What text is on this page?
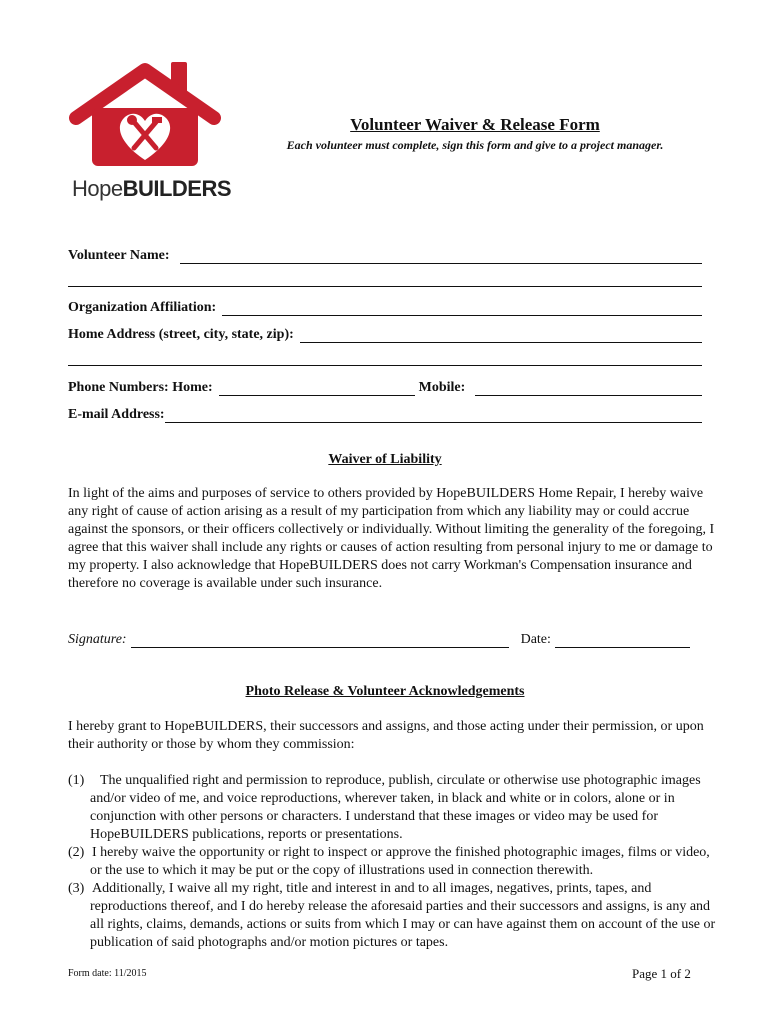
HopeBUILDERS
Volunteer Waiver & Release Form
Each volunteer must complete, sign this form and give to a project manager.
Volunteer Name:
Organization Affiliation:
Home Address (street, city, state, zip):
Phone Numbers: Home:	Mobile:
E-mail Address:
Waiver of Liability

In light of the aims and purposes of service to others provided by HopeBUILDERS Home Repair, I hereby waive any right of cause of action arising as a result of my participation from which any liability may or could accrue against the sponsors, or their officers collectively or individually. Without limiting the generality of the foregoing, I agree that this waiver shall include any rights or causes of action resulting from personal injury to me or damage to my property. I also acknowledge that HopeBUILDERS does not carry Workman's Compensation insurance and therefore no coverage is available under such insurance.

Signature:	Date:
Photo Release & Volunteer Acknowledgements

I hereby grant to HopeBUILDERS, their successors and assigns, and those acting under their permission, or upon their authority or those by whom they commission:

(1)	The unqualified right and permission to reproduce, publish, circulate or otherwise use photographic images and/or video of me, and voice reproductions, wherever taken, in black and white or in colors, alone or in conjunction with other persons or characters. I understand that these images or video may be used for HopeBUILDERS publications, reports or presentations.
(2) I hereby waive the opportunity or right to inspect or approve the finished photographic images, films or video, or the use to which it may be put or the copy of illustrations used in connection therewith.
(3) Additionally, I waive all my right, title and interest in and to all images, negatives, prints, tapes, and reproductions thereof, and I do hereby release the aforesaid parties and their successors and assigns, is any and all rights, claims, demands, actions or suits from which I may or can have against them on account of the use or publication of said photographs and/or motion pictures or tapes.
Form date: 11/2015	Page 1 of 2
